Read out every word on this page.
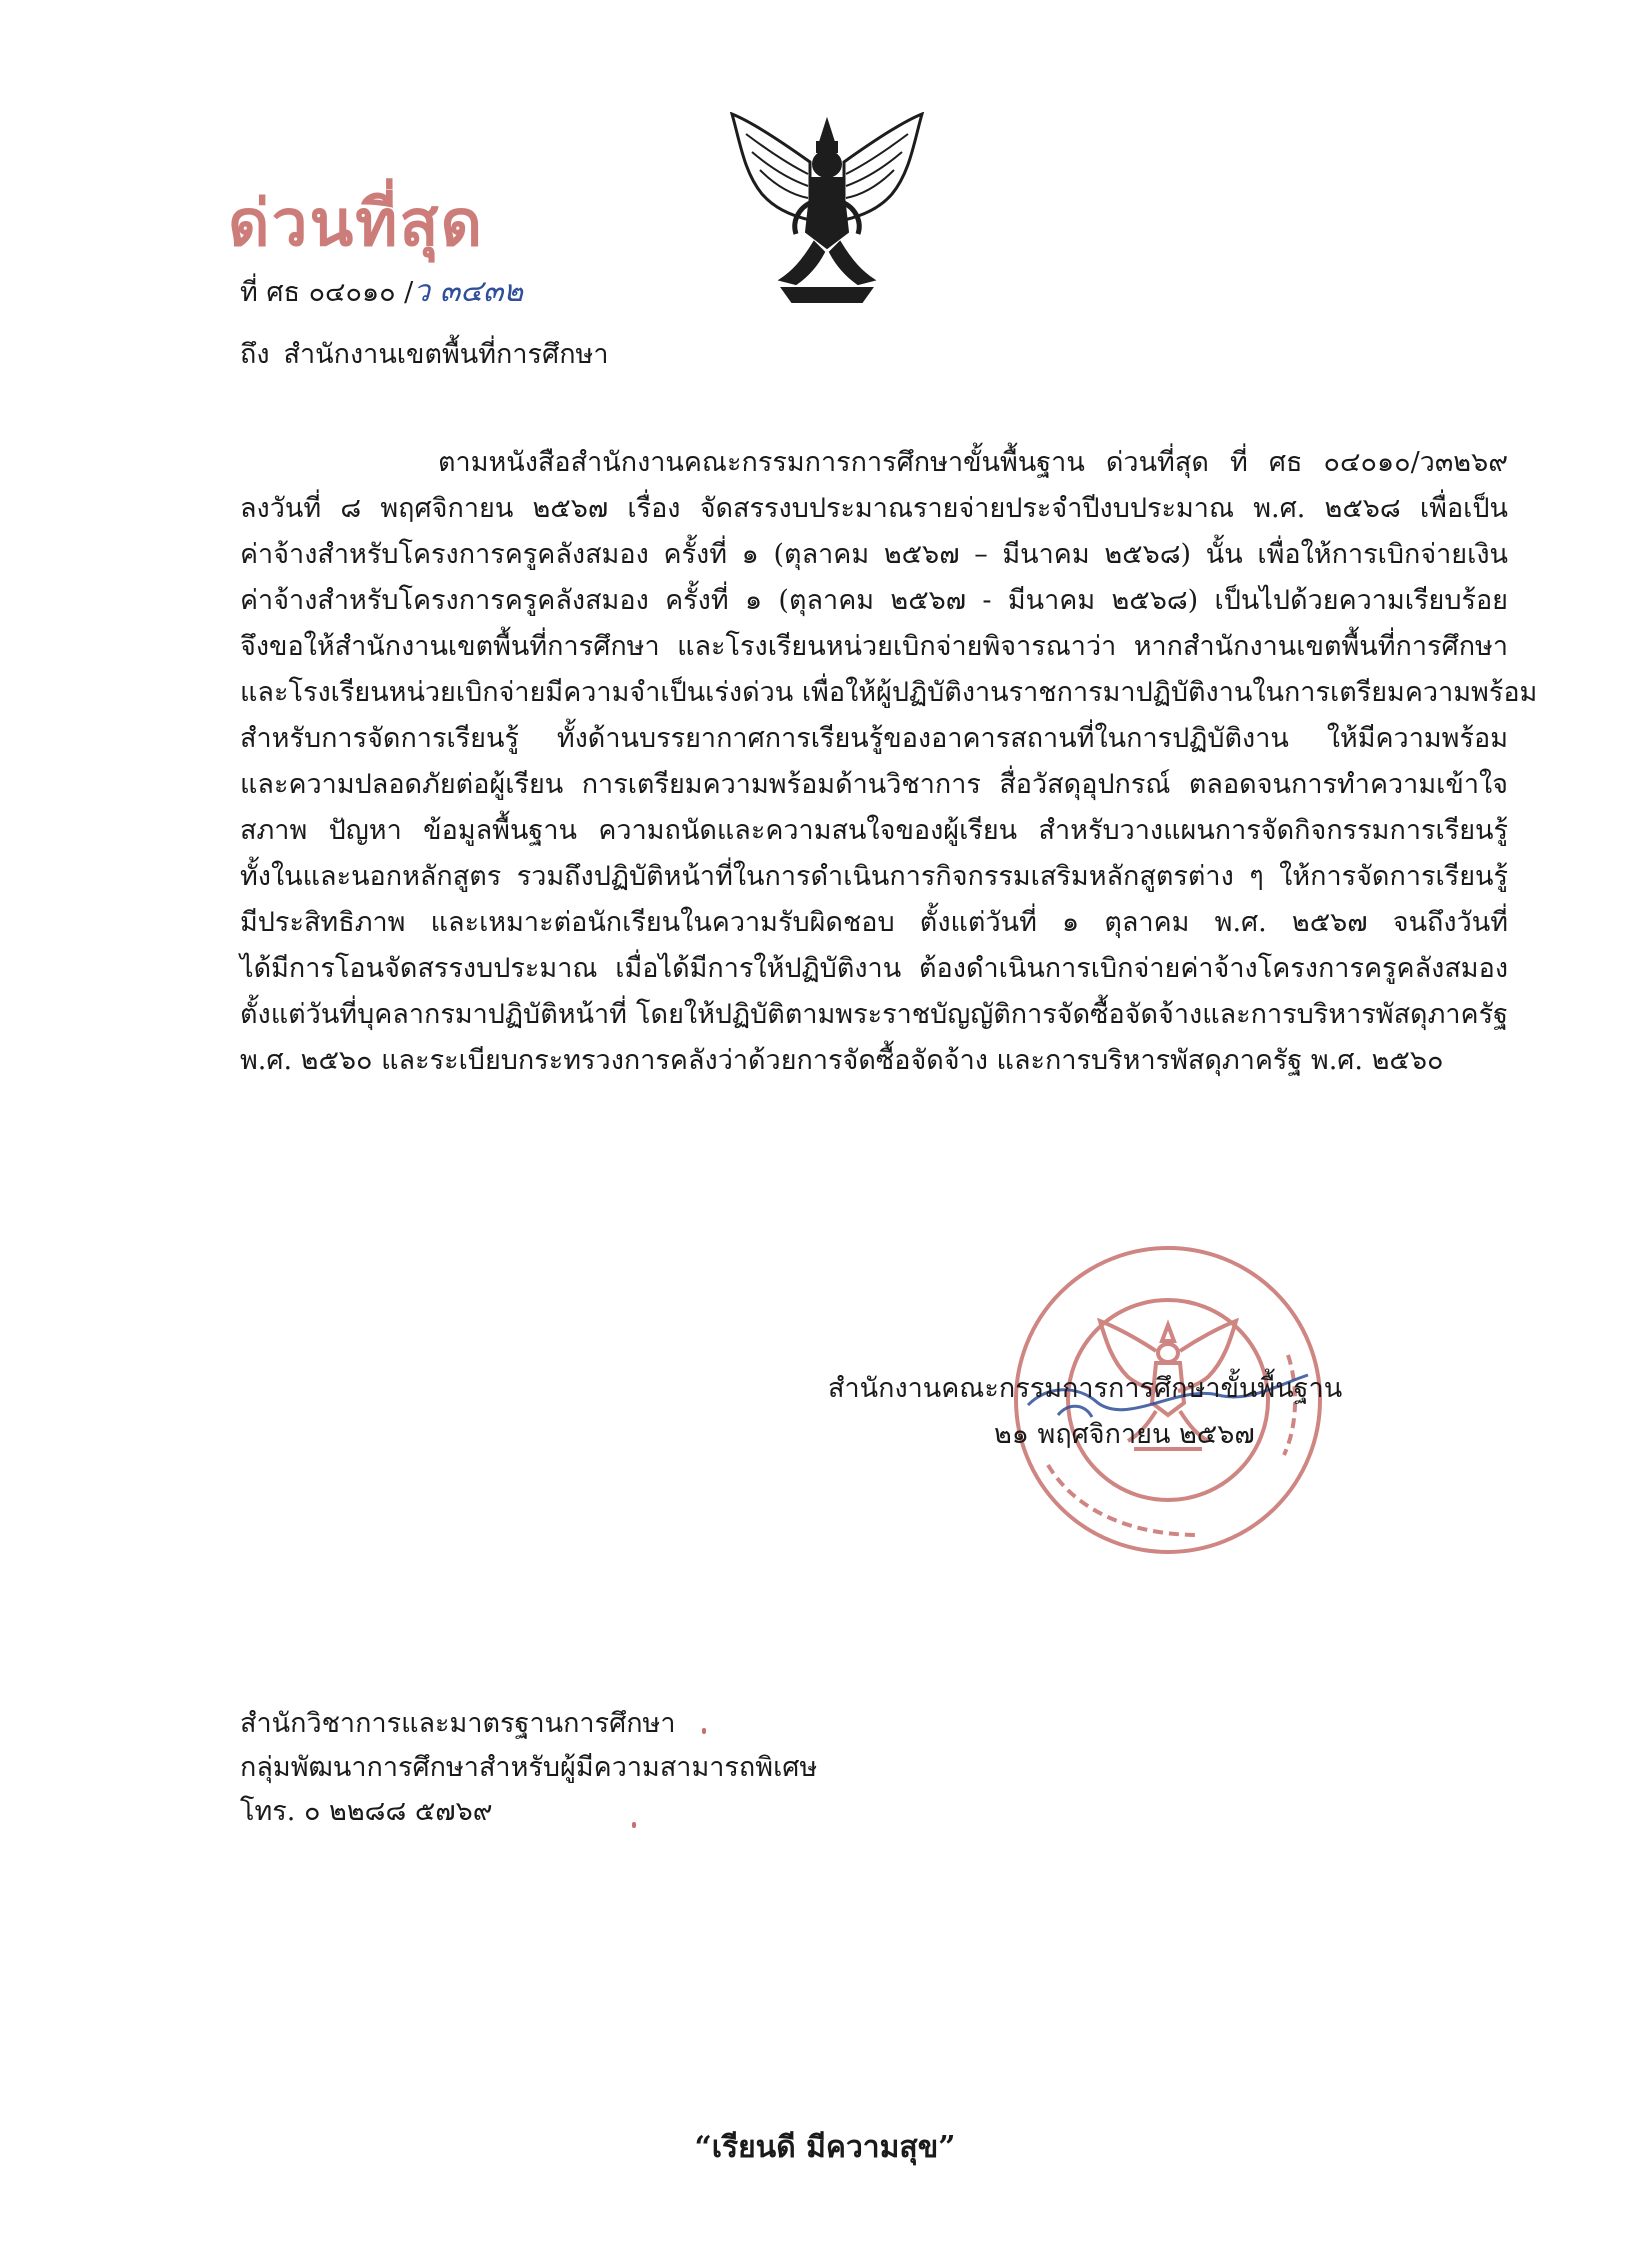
ด่วนที่สุด
ที่ ศธ ๐๔๐๑๐ /ว ๓๔๓๒
ถึง สำนักงานเขตพื้นที่การศึกษา
ตามหนังสือสำนักงานคณะกรรมการการศึกษาขั้นพื้นฐาน ด่วนที่สุด ที่ ศธ ๐๔๐๑๐/ว๓๒๖๙
ลงวันที่ ๘ พฤศจิกายน ๒๕๖๗ เรื่อง จัดสรรงบประมาณรายจ่ายประจำปีงบประมาณ พ.ศ. ๒๕๖๘ เพื่อเป็น
ค่าจ้างสำหรับโครงการครูคลังสมอง ครั้งที่ ๑ (ตุลาคม ๒๕๖๗ – มีนาคม ๒๕๖๘) นั้น เพื่อให้การเบิกจ่ายเงิน
ค่าจ้างสำหรับโครงการครูคลังสมอง ครั้งที่ ๑ (ตุลาคม ๒๕๖๗ - มีนาคม ๒๕๖๘) เป็นไปด้วยความเรียบร้อย
จึงขอให้สำนักงานเขตพื้นที่การศึกษา และโรงเรียนหน่วยเบิกจ่ายพิจารณาว่า หากสำนักงานเขตพื้นที่การศึกษา
และโรงเรียนหน่วยเบิกจ่ายมีความจำเป็นเร่งด่วน เพื่อให้ผู้ปฏิบัติงานราชการมาปฏิบัติงานในการเตรียมความพร้อม
สำหรับการจัดการเรียนรู้ ทั้งด้านบรรยากาศการเรียนรู้ของอาคารสถานที่ในการปฏิบัติงาน ให้มีความพร้อม
และความปลอดภัยต่อผู้เรียน การเตรียมความพร้อมด้านวิชาการ สื่อวัสดุอุปกรณ์ ตลอดจนการทำความเข้าใจ
สภาพ ปัญหา ข้อมูลพื้นฐาน ความถนัดและความสนใจของผู้เรียน สำหรับวางแผนการจัดกิจกรรมการเรียนรู้
ทั้งในและนอกหลักสูตร รวมถึงปฏิบัติหน้าที่ในการดำเนินการกิจกรรมเสริมหลักสูตรต่าง ๆ ให้การจัดการเรียนรู้
มีประสิทธิภาพ และเหมาะต่อนักเรียนในความรับผิดชอบ ตั้งแต่วันที่ ๑ ตุลาคม พ.ศ. ๒๕๖๗ จนถึงวันที่
ได้มีการโอนจัดสรรงบประมาณ เมื่อได้มีการให้ปฏิบัติงาน ต้องดำเนินการเบิกจ่ายค่าจ้างโครงการครูคลังสมอง
ตั้งแต่วันที่บุคลากรมาปฏิบัติหน้าที่ โดยให้ปฏิบัติตามพระราชบัญญัติการจัดซื้อจัดจ้างและการบริหารพัสดุภาครัฐ
พ.ศ. ๒๕๖๐ และระเบียบกระทรวงการคลังว่าด้วยการจัดซื้อจัดจ้าง และการบริหารพัสดุภาครัฐ พ.ศ. ๒๕๖๐
สำนักงานคณะกรรมการการศึกษาขั้นพื้นฐาน
๒๑ พฤศจิกายน ๒๕๖๗
สำนักวิชาการและมาตรฐานการศึกษา
กลุ่มพัฒนาการศึกษาสำหรับผู้มีความสามารถพิเศษ
โทร. ๐ ๒๒๘๘ ๕๗๖๙
“เรียนดี มีความสุข”
